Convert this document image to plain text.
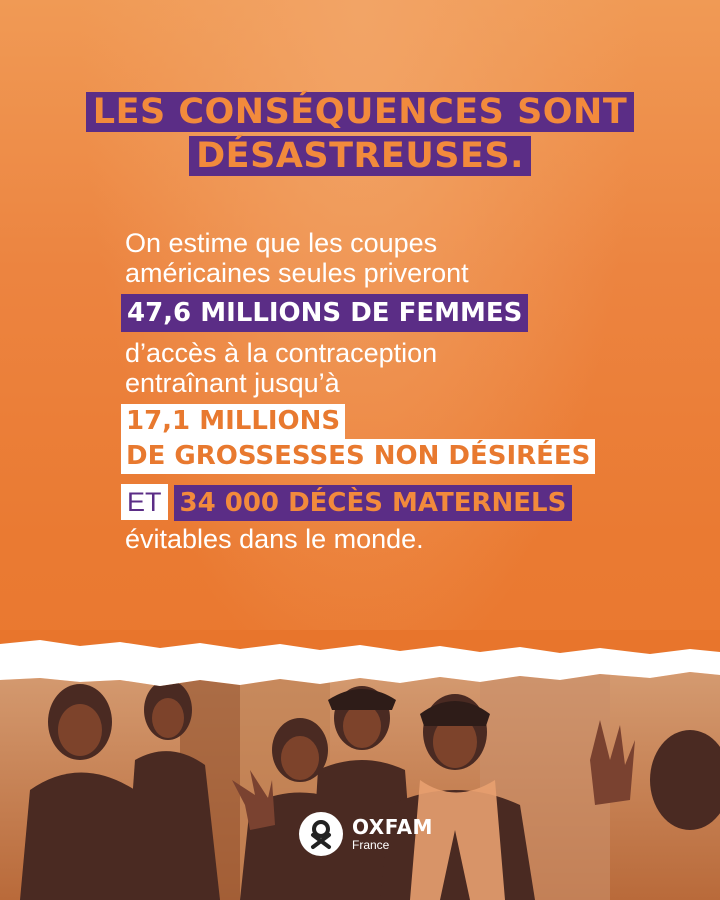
LES CONSÉQUENCES SONT
DÉSASTREUSES.
On estime que les coupes
américaines seules priveront
47,6 MILLIONS DE FEMMES
d’accès à la contraception
entraînant jusqu’à
17,1 MILLIONS
DE GROSSESSES NON DÉSIRÉES
ET 34 000 DÉCÈS MATERNELS
évitables dans le monde.
OXFAM
France
